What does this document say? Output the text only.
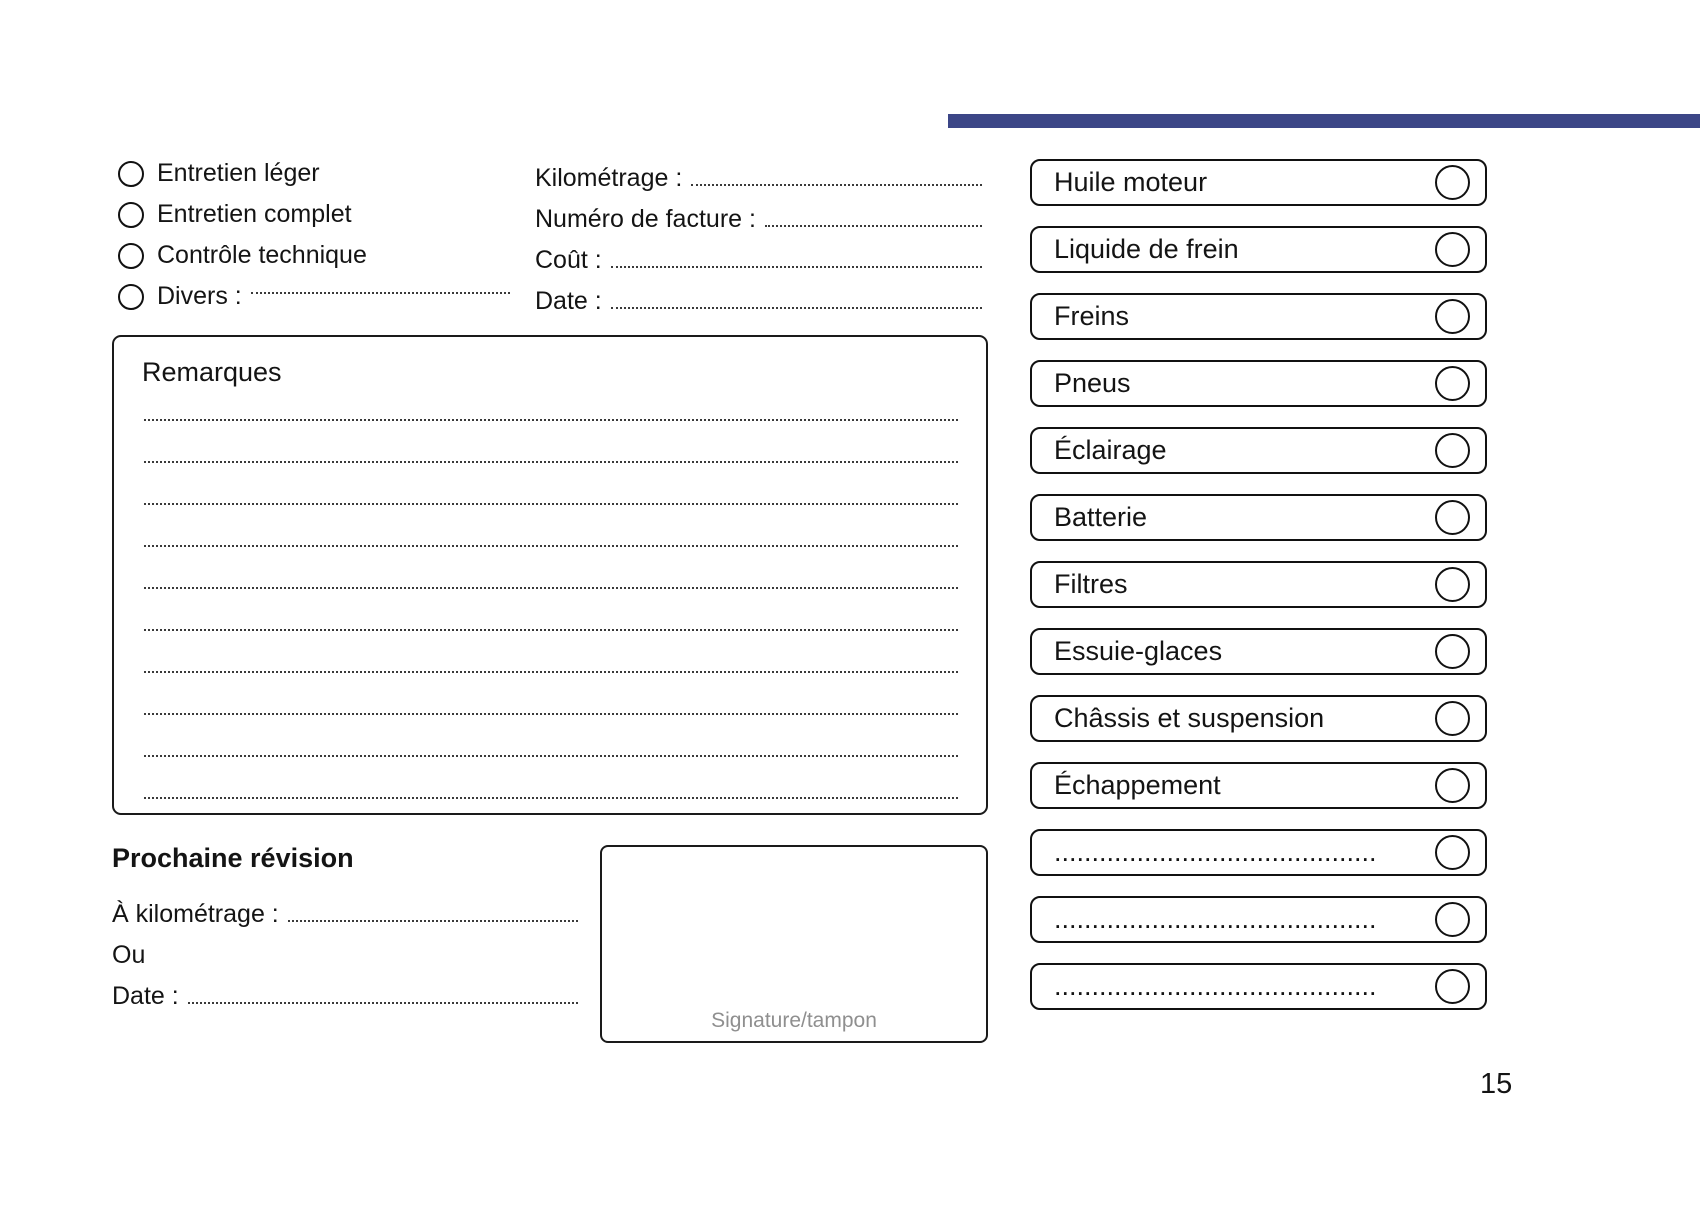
Entretien léger
Entretien complet
Contrôle technique
Divers :
Kilométrage :
Numéro de facture :
Coût :
Date :
Remarques
Prochaine révision
À kilométrage :
Ou
Date :
Signature/tampon
Huile moteur
Liquide de frein
Freins
Pneus
Éclairage
Batterie
Filtres
Essuie-glaces
Châssis et suspension
Échappement
...........................................
...........................................
...........................................
15
